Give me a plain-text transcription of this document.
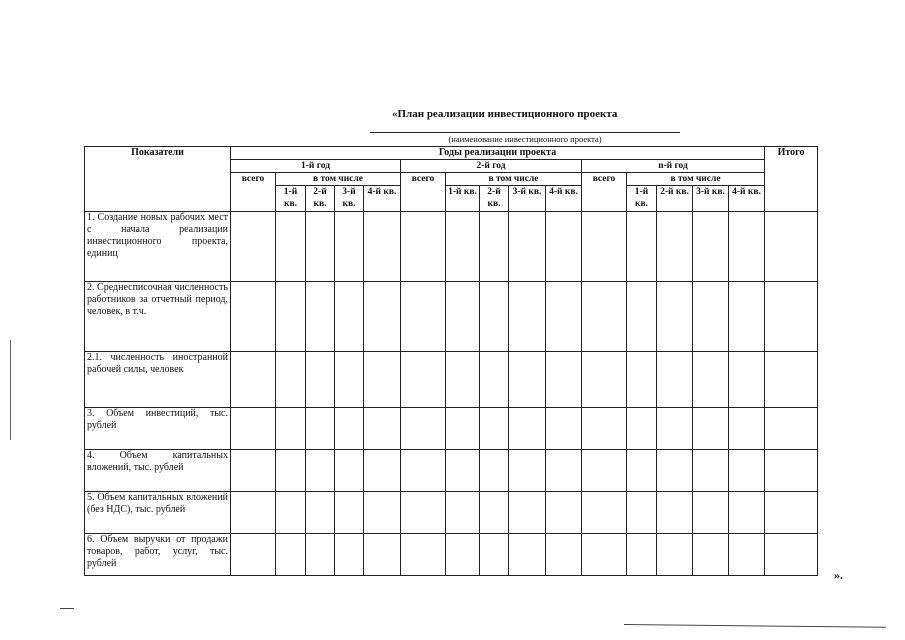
«План реализации инвестиционного проекта
(наименование инвестиционного проекта)
Показатели	Годы реализации проекта															Итого
	1-й год					2-й год					n-й год					
	всего	в том числе				всего	в том числе				всего	в том числе				
		1-й кв.	2-й кв.	3-й кв.	4-й кв.		1-й кв.	2-й кв.	3-й кв.	4-й кв.		1-й кв.	2-й кв.	3-й кв.	4-й кв.	
1. Создание новых рабочих мест с начала реализации инвестиционного проекта, единиц																
2. Среднесписочная численность работников за отчетный период, человек, в т.ч.																
2.1. численность иностранной рабочей силы, человек																
3. Объем инвестиций, тыс. рублей																
4. Объем капитальных вложений, тыс. рублей																
5. Объем капитальных вложений (без НДС), тыс. рублей																
6. Объем выручки от продажи товаров, работ, услуг, тыс. рублей																
».
